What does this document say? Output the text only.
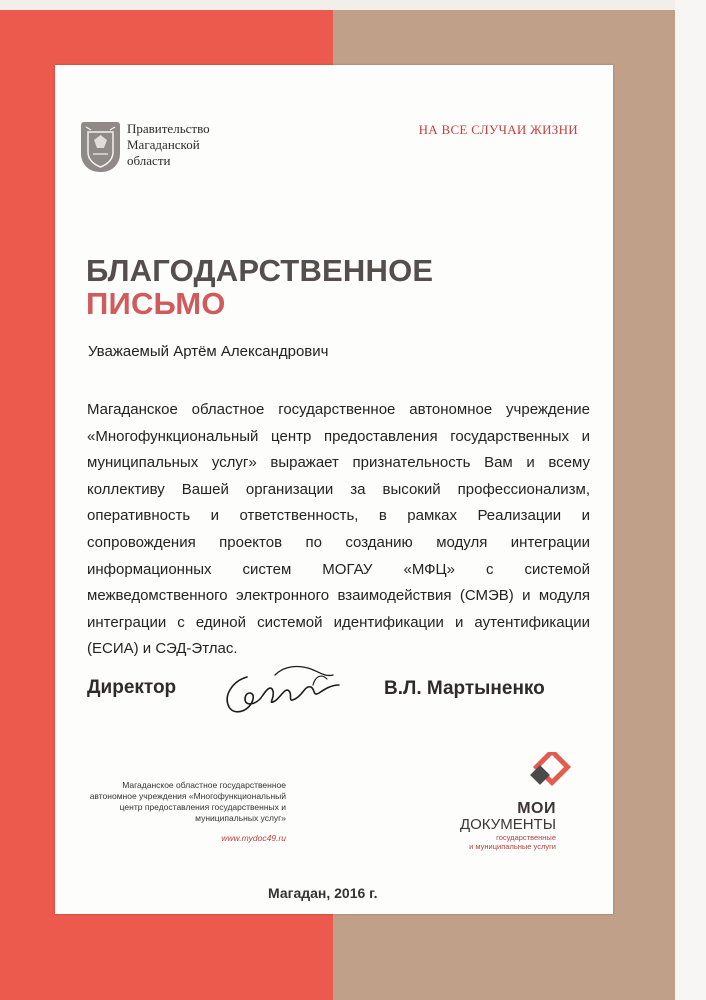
Правительство
Магаданской
области
НА ВСЕ СЛУЧАИ ЖИЗНИ
БЛАГОДАРСТВЕННОЕ
ПИСЬМО
Уважаемый Артём Александрович
Магаданское областное государственное автономное учреждение «Многофункциональный центр предоставления государственных и муниципальных услуг» выражает признательность Вам и всему коллективу Вашей организации за высокий профессионализм, оперативность и ответственность, в рамках Реализации и сопровождения проектов по созданию модуля интеграции информационных систем МОГАУ «МФЦ» с системой межведомственного электронного взаимодействия (СМЭВ) и модуля интеграции с единой системой идентификации и аутентификации (ЕСИА) и СЭД-Этлас.
Директор	В.Л. Мартыненко
Магаданское областное государственное
автономное учреждения «Многофункциональный
центр предоставления государственных и
муниципальных услуг»
www.mydoc49.ru
МОИ
ДОКУМЕНТЫ
государственные
и муниципальные услуги
Магадан, 2016 г.
